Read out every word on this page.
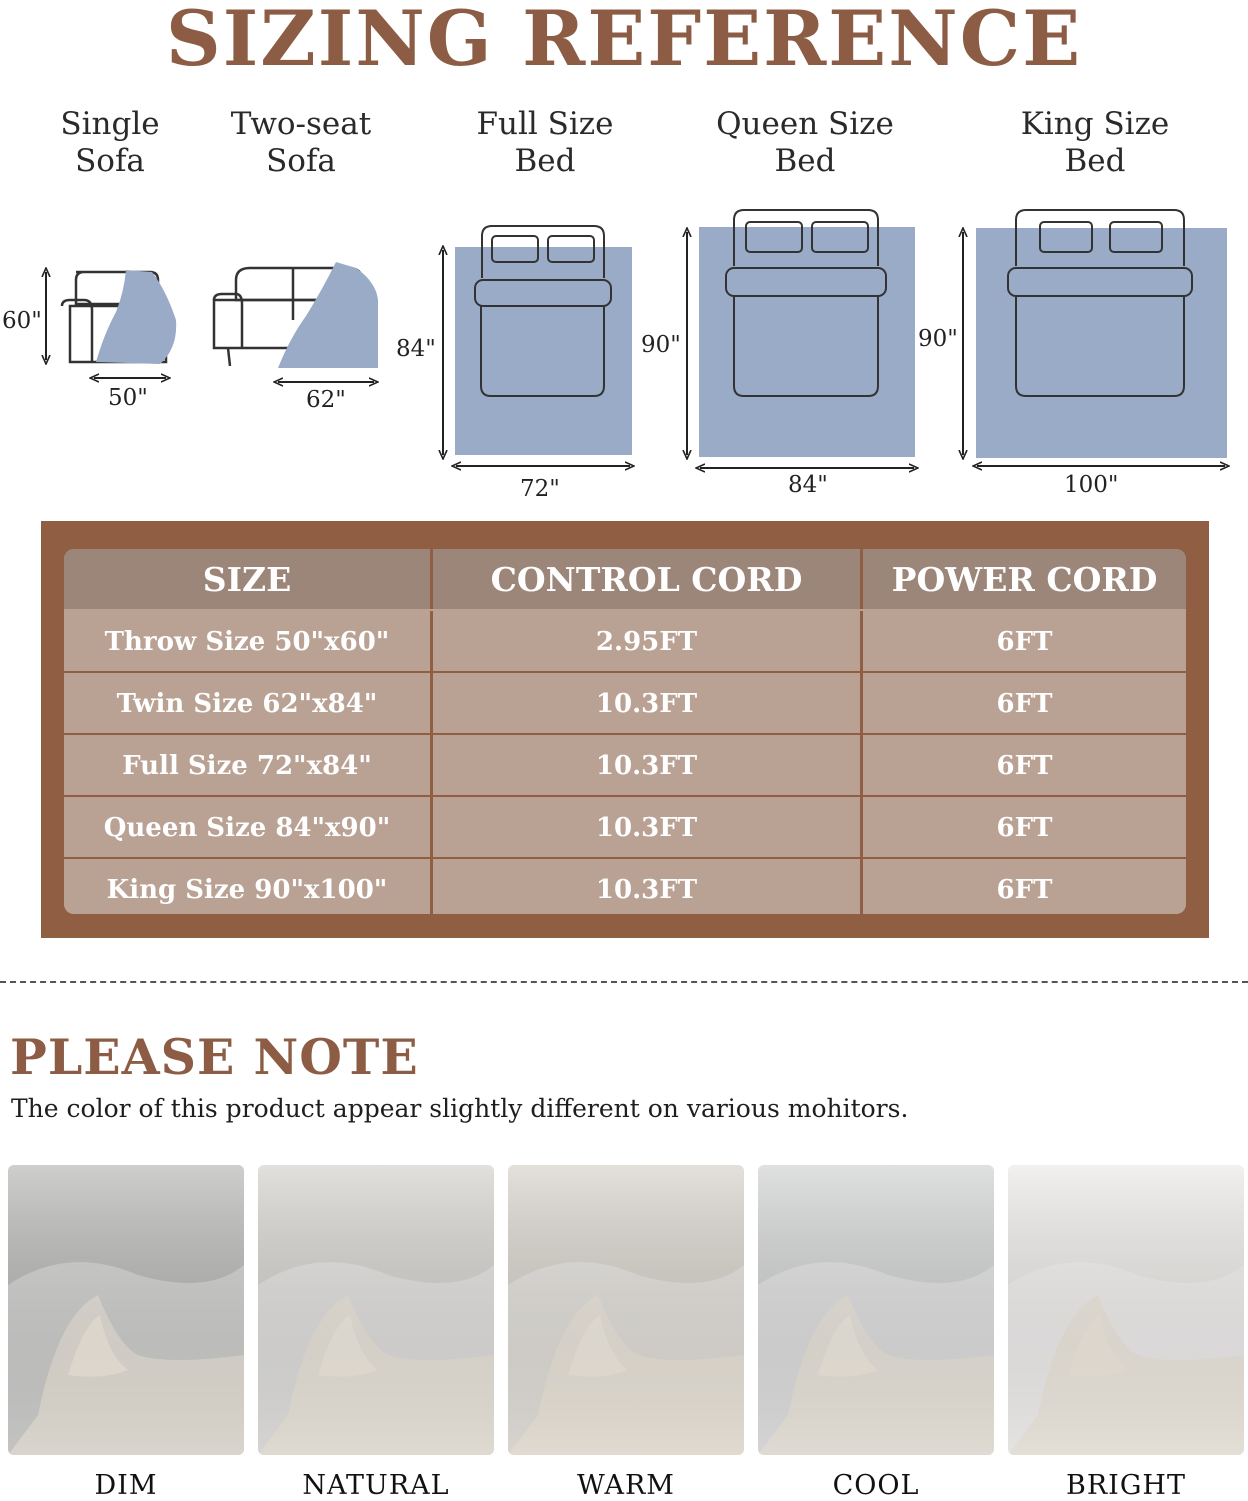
SIZING REFERENCE
Single
Sofa
Two-seat
Sofa
Full Size
Bed
Queen Size
Bed
King Size
Bed
60"
50"	62"
84"
72"
90"
84"
90"
100"
SIZE	CONTROL CORD	POWER CORD
Throw Size 50"x60"	2.95FT	6FT
Twin Size 62"x84"	10.3FT	6FT
Full Size 72"x84"	10.3FT	6FT
Queen Size 84"x90"	10.3FT	6FT
King Size 90"x100"	10.3FT	6FT
PLEASE NOTE
The color of this product appear slightly different on various mohitors.
DIM	NATURAL	WARM	COOL	BRIGHT
